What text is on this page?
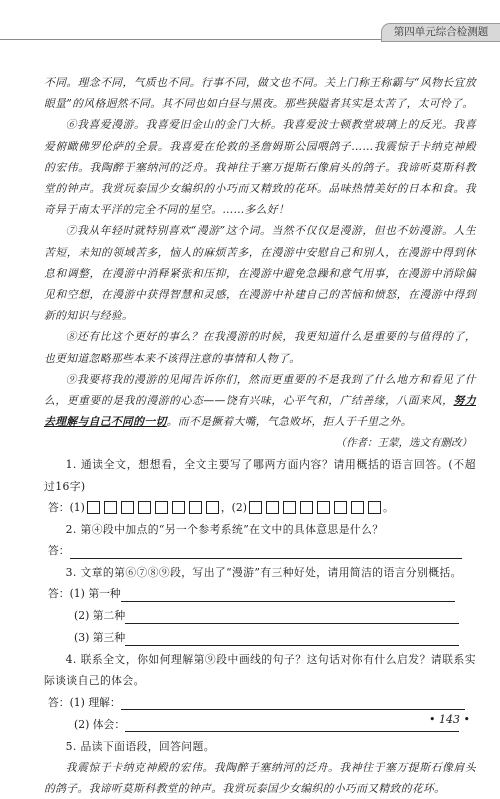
第四单元综合检测题

不同。理念不同，气质也不同。行事不同，做文也不同。关上门称王称霸与“风物长宜放眼量”的风格迥然不同。其不同也如白昼与黑夜。那些狭隘者其实是太苦了，太可怜了。

⑥我喜爱漫游。我喜爱旧金山的金门大桥。我喜爱波士顿教堂玻璃上的反光。我喜爱俯瞰佛罗伦萨的全景。我喜爱在伦敦的圣詹姆斯公园喂鸽子……我震惊于卡纳克神殿的宏伟。我陶醉于塞纳河的泛舟。我神往于塞万提斯石像肩头的鸽子。我谛听莫斯科教堂的钟声。我赏玩泰国少女编织的小巧而又精致的花环。品味热情美好的日本和食。我奇异于南太平洋的完全不同的星空。……多么好！

⑦我从年轻时就特别喜欢“漫游”这个词。当然不仅仅是漫游，但也不妨漫游。人生苦短，未知的领域苦多，恼人的麻烦苦多，在漫游中安慰自己和别人，在漫游中得到休息和调整，在漫游中消释紧张和压抑，在漫游中避免急躁和意气用事，在漫游中消除偏见和空想，在漫游中获得智慧和灵感，在漫游中补建自己的苦恼和愤怒，在漫游中得到新的知识与经验。

⑧还有比这个更好的事么？在我漫游的时候，我更知道什么是重要的与值得的了，也更知道忽略那些本来不该得注意的事情和人物了。

⑨我要将我的漫游的见闻告诉你们，然而更重要的不是我到了什么地方和看见了什么，更重要的是我的漫游的心态——饶有兴味，心平气和，广结善缘，八面来风，努力去理解与自己不同的一切。而不是撅着大嘴，气急败坏，拒人于千里之外。

（作者：王蒙，选文有删改）

1. 通读全文，想想看，全文主要写了哪两方面内容？请用概括的语言回答。(不超过16字)

答：(1)	，(2)	。

2. 第④段中加点的“另一个参考系统”在文中的具体意思是什么？

答：

3. 文章的第⑥⑦⑧⑨段，写出了“漫游”有三种好处，请用简洁的语言分别概括。

答：(1) 第一种
(2) 第二种
(3) 第三种

4. 联系全文，你如何理解第⑨段中画线的句子？这句话对你有什么启发？请联系实际谈谈自己的体会。

答：(1) 理解：
(2) 体会：

5. 品读下面语段，回答问题。

我震惊于卡纳克神殿的宏伟。我陶醉于塞纳河的泛舟。我神往于塞万提斯石像肩头的鸽子。我谛听莫斯科教堂的钟声。我赏玩泰国少女编织的小巧而又精致的花环。

• 143 •
